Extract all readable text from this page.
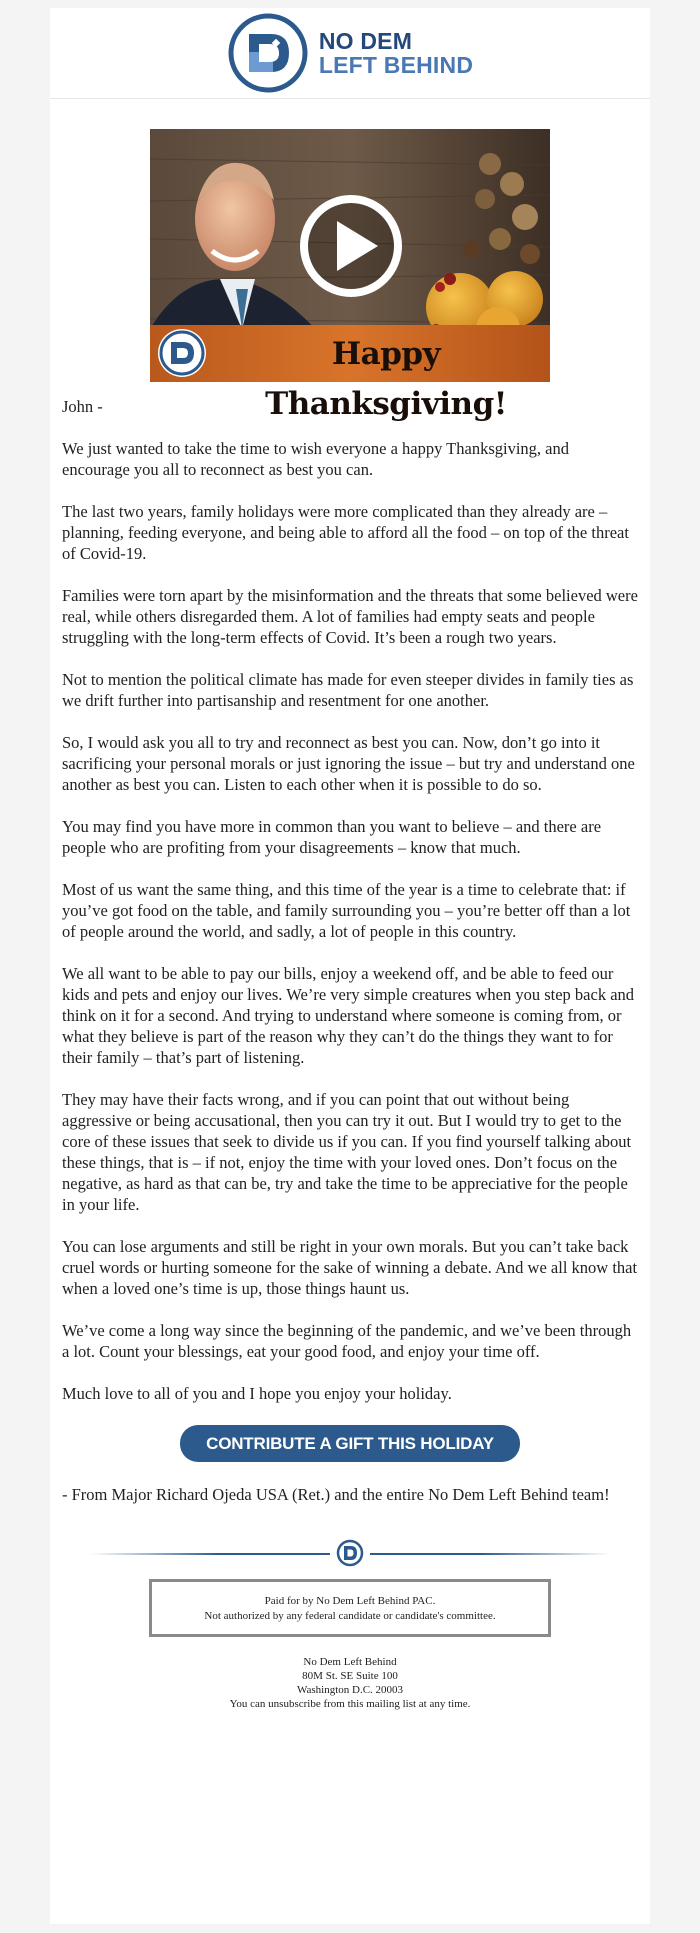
NO DEM
LEFT BEHIND
Happy Thanksgiving!

John -

We just wanted to take the time to wish everyone a happy Thanksgiving, and encourage you all to reconnect as best you can.

The last two years, family holidays were more complicated than they already are – planning, feeding everyone, and being able to afford all the food – on top of the threat of Covid-19.

Families were torn apart by the misinformation and the threats that some believed were real, while others disregarded them. A lot of families had empty seats and people struggling with the long-term effects of Covid. It’s been a rough two years.

Not to mention the political climate has made for even steeper divides in family ties as we drift further into partisanship and resentment for one another.

So, I would ask you all to try and reconnect as best you can. Now, don’t go into it sacrificing your personal morals or just ignoring the issue – but try and understand one another as best you can. Listen to each other when it is possible to do so.

You may find you have more in common than you want to believe – and there are people who are profiting from your disagreements – know that much.

Most of us want the same thing, and this time of the year is a time to celebrate that: if you’ve got food on the table, and family surrounding you – you’re better off than a lot of people around the world, and sadly, a lot of people in this country.

We all want to be able to pay our bills, enjoy a weekend off, and be able to feed our kids and pets and enjoy our lives. We’re very simple creatures when you step back and think on it for a second. And trying to understand where someone is coming from, or what they believe is part of the reason why they can’t do the things they want to for their family – that’s part of listening.

They may have their facts wrong, and if you can point that out without being aggressive or being accusational, then you can try it out. But I would try to get to the core of these issues that seek to divide us if you can. If you find yourself talking about these things, that is – if not, enjoy the time with your loved ones. Don’t focus on the negative, as hard as that can be, try and take the time to be appreciative for the people in your life.

You can lose arguments and still be right in your own morals. But you can’t take back cruel words or hurting someone for the sake of winning a debate. And we all know that when a loved one’s time is up, those things haunt us.

We’ve come a long way since the beginning of the pandemic, and we’ve been through a lot. Count your blessings, eat your good food, and enjoy your time off.

Much love to all of you and I hope you enjoy your holiday.

CONTRIBUTE A GIFT THIS HOLIDAY

- From Major Richard Ojeda USA (Ret.) and the entire No Dem Left Behind team!

Paid for by No Dem Left Behind PAC.
Not authorized by any federal candidate or candidate's committee.
No Dem Left Behind
80M St. SE Suite 100
Washington D.C. 20003
You can unsubscribe from this mailing list at any time.
